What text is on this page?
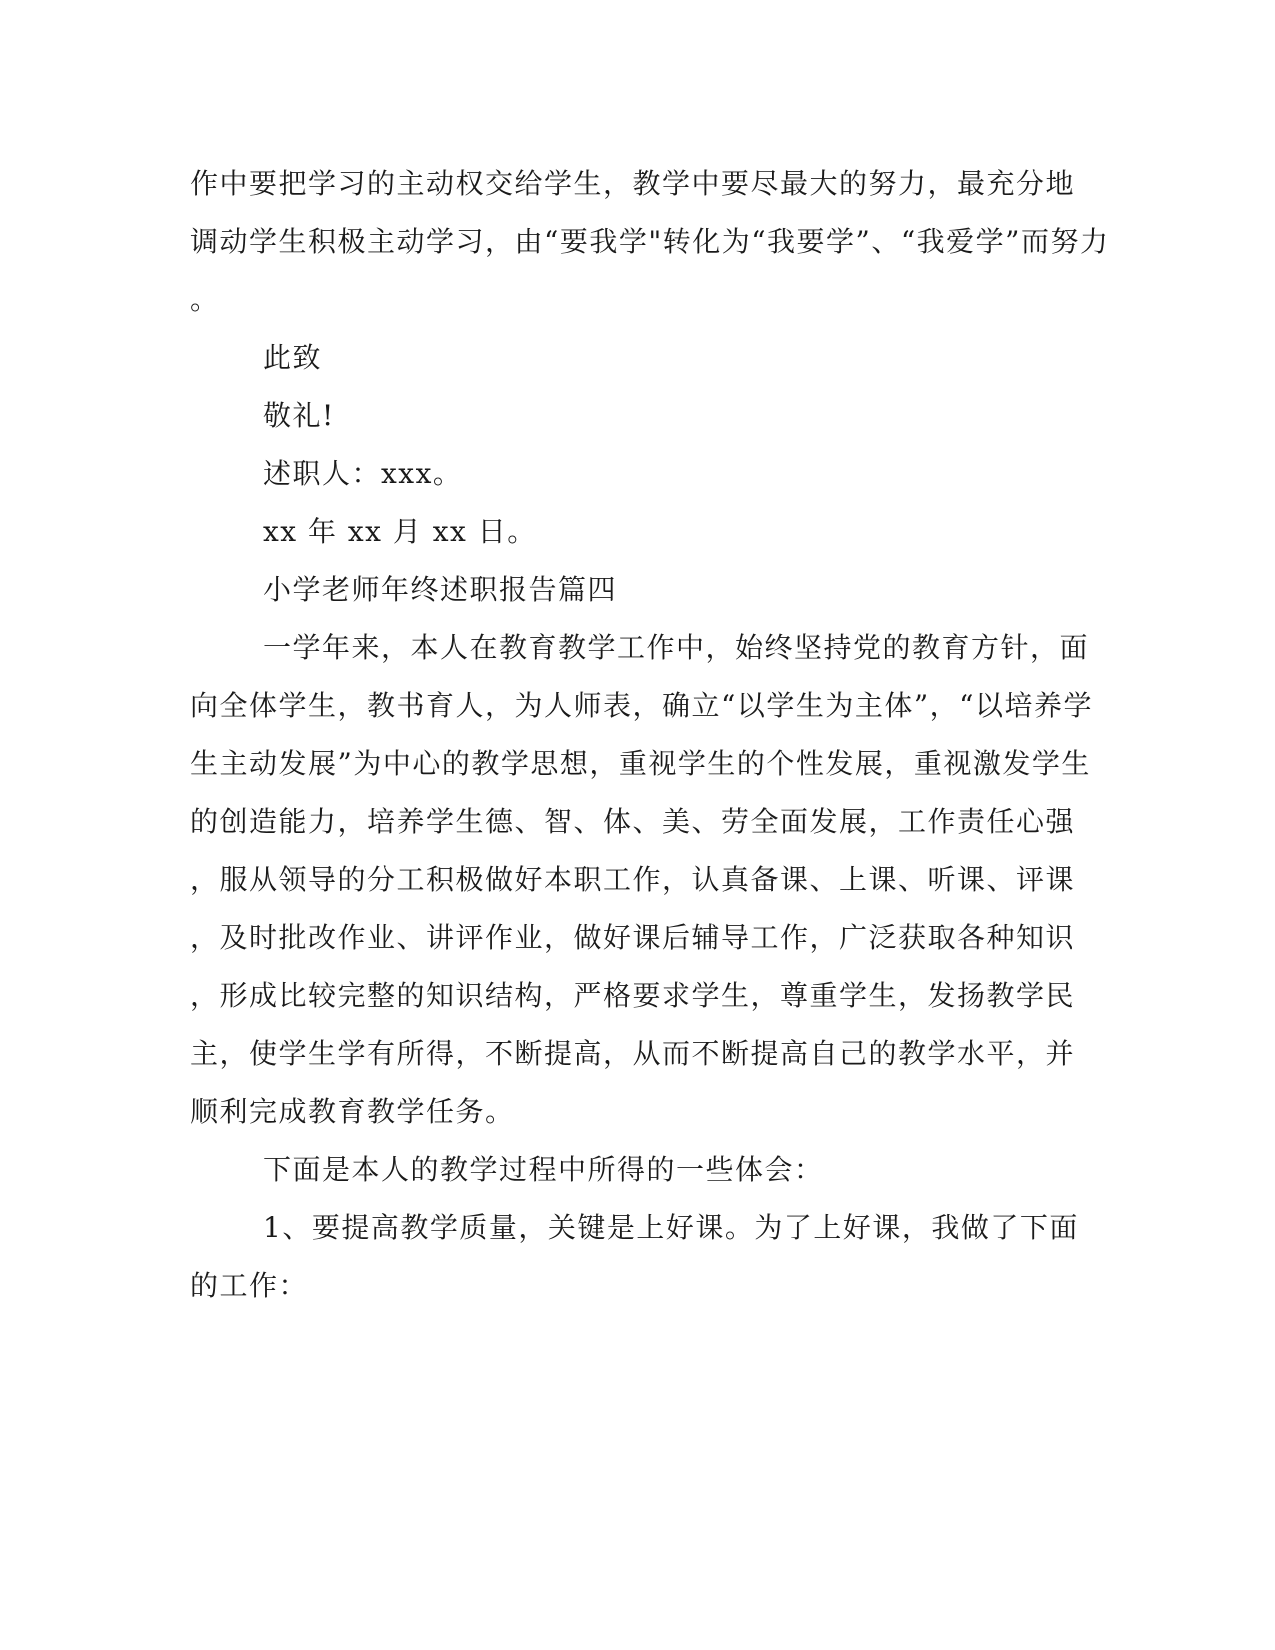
作中要把学习的主动权交给学生，教学中要尽最大的努力，最充分地
调动学生积极主动学习，由“要我学"转化为“我要学”、“我爱学”而努力
。
此致
敬礼!
述职人：xxx。
xx 年 xx 月 xx 日。
小学老师年终述职报告篇四
一学年来，本人在教育教学工作中，始终坚持党的教育方针，面
向全体学生，教书育人，为人师表，确立“以学生为主体”，“以培养学
生主动发展”为中心的教学思想，重视学生的个性发展，重视激发学生
的创造能力，培养学生德、智、体、美、劳全面发展，工作责任心强
，服从领导的分工积极做好本职工作，认真备课、上课、听课、评课
，及时批改作业、讲评作业，做好课后辅导工作，广泛获取各种知识
，形成比较完整的知识结构，严格要求学生，尊重学生，发扬教学民
主，使学生学有所得，不断提高，从而不断提高自己的教学水平，并
顺利完成教育教学任务。
下面是本人的教学过程中所得的一些体会：
1、要提高教学质量，关键是上好课。为了上好课，我做了下面
的工作：
